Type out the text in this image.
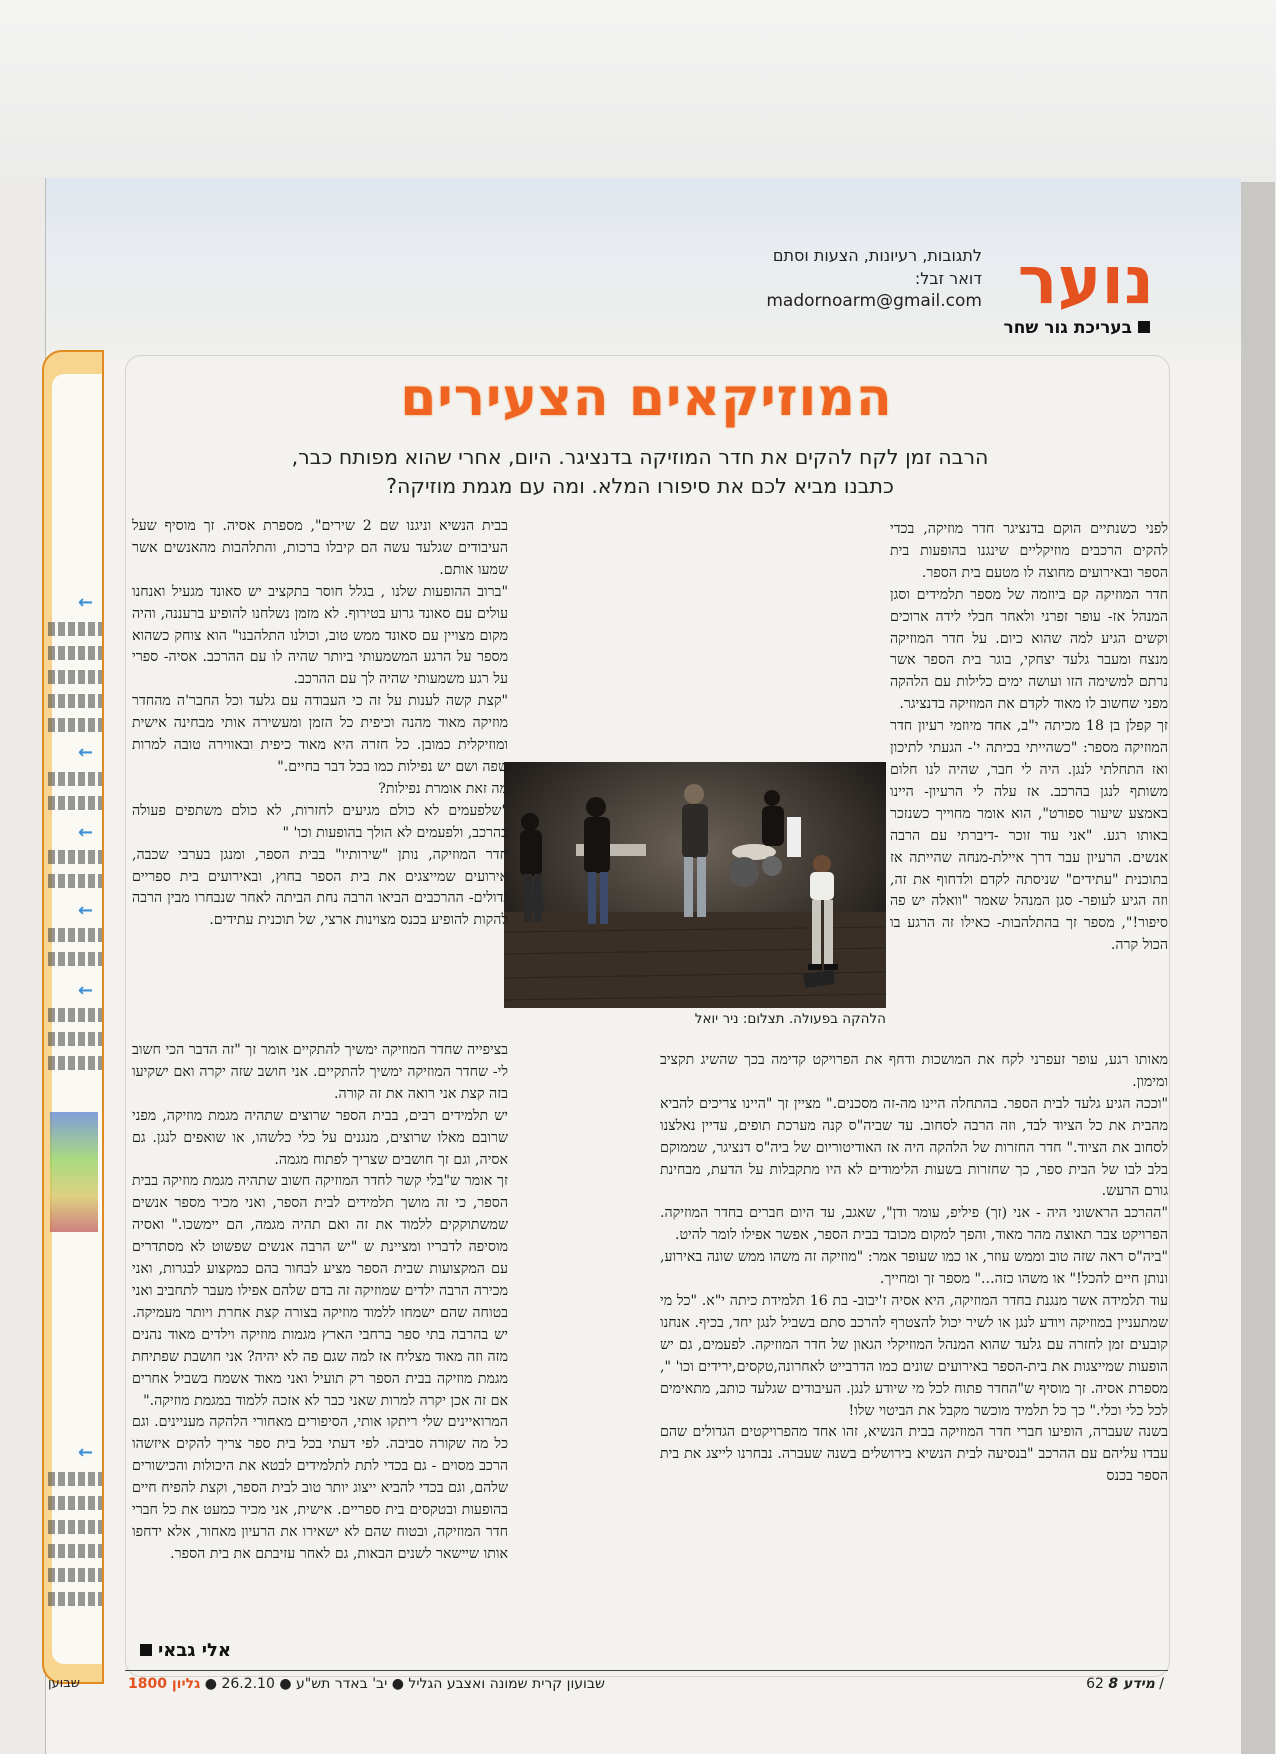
←
←
←
←
←
←
נוער
בעריכת גור שחר
לתגובות, רעיונות, הצעות וסתם
דואר זבל:
madornoarm@gmail.com
המוזיקאים הצעירים
הרבה זמן לקח להקים את חדר המוזיקה בדנציגר. היום, אחרי שהוא מפותח כבר,
כתבנו מביא לכם את סיפורו המלא. ומה עם מגמת מוזיקה?

לפני כשנתיים הוקם בדנציגר חדר מוזיקה, בכדי להקים הרכבים מוזיקליים שינגנו בהופעות בית הספר ובאירועים מחוצה לו מטעם בית הספר.

חדר המוזיקה קם ביוזמה של מספר תלמידים וסגן המנהל אז- עופר זפרני ולאחר חבלי לידה ארוכים וקשים הגיע למה שהוא כיום. על חדר המוזיקה מנצח ומעבר גלעד יצחקי, בוגר בית הספר אשר נרתם למשימה הזו ועושה ימים כלילות עם הלהקה מפני שחשוב לו מאוד לקדם את המוזיקה בדנציגר.

זך קפלן בן 18 מכיתה י"ב, אחד מיוזמי רעיון חדר המוזיקה מספר: "כשהייתי בכיתה י'- הגעתי לתיכון ואז התחלתי לנגן. היה לי חבר, שהיה לנו חלום משותף לנגן בהרכב. אז עלה לי הרעיון- היינו באמצע שיעור ספורט", הוא אומר מחוייך כשנזכר באותו רגע. "אני עוד זוכר -דיברתי עם הרבה אנשים. הרעיון עבר דרך איילת-מנחה שהייתה אז בתוכנית "עתידים" שניסתה לקדם ולדחוף את זה, וזה הגיע לעופר- סגן המנהל שאמר "וואלה יש פה סיפור!", מספר זך בהתלהבות- כאילו זה הרגע בו הכול קרה.

הלהקה בפעולה. תצלום: ניר יואל

מאותו רגע, עופר זעפרני לקח את המושכות ודחף את הפרויקט קדימה בכך שהשיג תקציב ומימון.

"וככה הגיע גלעד לבית הספר. בהתחלה היינו מה-זה מסכנים." מציין זך "היינו צריכים להביא מהבית את כל הציוד לבד, וזה הרבה לסחוב. עד שביה"ס קנה מערכת תופים, עדיין נאלצנו לסחוב את הציוד." חדר החזרות של הלהקה היה אז האודיטוריום של ביה"ס דנציגר, שממוקם בלב לבו של הבית ספר, כך שחזרות בשעות הלימודים לא היו מתקבלות על הדעת, מבחינת גורם הרעש.

"ההרכב הראשוני היה - אני (זך) פיליפ, עומר ודן", שאגב, עד היום חברים בחדר המוזיקה. הפרויקט צבר תאוצה מהר מאוד, והפך למקום מכובד בבית הספר, אפשר אפילו לומר להיט.

"ביה"ס ראה שזה טוב וממש עוזר, או כמו שעופר אמר: "מוזיקה זה משהו ממש שונה באירוע, ונותן חיים להכל!" או משהו כזה..." מספר זך ומחייך.

עוד תלמידה אשר מנגנת בחדר המוזיקה, היא אסיה ז'יבוב- בת 16 תלמידת כיתה י"א. "כל מי שמתעניין במוזיקה ויודע לנגן או לשיר יכול להצטרף להרכב סתם בשביל לנגן יחד, בכיף. אנחנו קובעים זמן לחזרה עם גלעד שהוא המנהל המוזיקלי הגאון של חדר המוזיקה. לפעמים, גם יש הופעות שמייצגות את בית-הספר באירועים שונים כמו הדרבייט לאחרונה,טקסים,ירידים וכו' ", מספרת אסיה. זך מוסיף ש"החדר פתוח לכל מי שיודע לנגן. העיבודים שגלעד כותב, מתאימים לכל כלי וכלי." כך כל תלמיד מוכשר מקבל את הביטוי שלו!

בשנה שעברה, הופיעו חברי חדר המוזיקה בבית הנשיא, זהו אחד מהפרויקטים הגדולים שהם עבדו עליהם עם ההרכב "בנסיעה לבית הנשיא בירושלים בשנה שעברה. נבחרנו לייצג את בית הספר בכנס

בבית הנשיא וניגנו שם 2 שירים", מספרת אסיה. זך מוסיף שעל העיבודים שגלעד עשה הם קיבלו ברכות, והתלהבות מהאנשים אשר שמעו אותם.

"ברוב ההופעות שלנו , בגלל חוסר בתקציב יש סאונד מגעיל ואנחנו עולים עם סאונד גרוע בטירוף. לא מזמן נשלחנו להופיע ברעננה, והיה מקום מצויין עם סאונד ממש טוב, וכולנו התלהבנו" הוא צוחק כשהוא מספר על הרגע המשמעותי ביותר שהיה לו עם ההרכב. אסיה- ספרי על רגע משמעותי שהיה לך עם ההרכב.

"קצת קשה לענות על זה כי העבודה עם גלעד וכל החבר'ה מהחדר מוזיקה מאוד מהנה וכיפית כל הזמן ומעשירה אותי מבחינה אישית ומוזיקלית כמובן. כל חזרה היא מאוד כיפית ובאווירה טובה למרות שפה ושם יש נפילות כמו בכל דבר בחיים."

מה זאת אומרת נפילות?

"שלפעמים לא כולם מגיעים לחזרות, לא כולם משתפים פעולה בהרכב, ולפעמים לא הולך בהופעות וכו' "

חדר המוזיקה, נותן "שירותיו" בבית הספר, ומנגן בערבי שכבה, אירועים שמייצגים את בית הספר בחוץ, ובאירועים בית ספריים גדולים- ההרכבים הביאו הרבה נחת הביתה לאחר שנבחרו מבין הרבה להקות להופיע בכנס מצוינות ארצי, של תוכנית עתידים.

בציפייה שחדר המוזיקה ימשיך להתקיים אומר זך "זה הדבר הכי חשוב לי- שחדר המוזיקה ימשיך להתקיים. אני חושב שזה יקרה ואם ישקיעו בזה קצת אני רואה את זה קורה.

יש תלמידים רבים, בבית הספר שרוצים שתהיה מגמת מוזיקה, מפני שרובם מאלו שרוצים, מנגנים על כלי כלשהו, או שואפים לנגן. גם אסיה, וגם זך חושבים שצריך לפתוח מגמה.

זך אומר ש"בלי קשר לחדר המוזיקה חשוב שתהיה מגמת מוזיקה בבית הספר, כי זה מושך תלמידים לבית הספר, ואני מכיר מספר אנשים שמשתוקקים ללמוד את זה ואם תהיה מגמה, הם יימשכו." ואסיה מוסיפה לדבריו ומציינת ש "יש הרבה אנשים שפשוט לא מסתדרים עם המקצועות שבית הספר מציע לבחור בהם כמקצוע לבגרות, ואני מכירה הרבה ילדים שמוזיקה זה בדם שלהם אפילו מעבר לתחביב ואני בטוחה שהם ישמחו ללמוד מוזיקה בצורה קצת אחרת ויותר מעמיקה. יש בהרבה בתי ספר ברחבי הארץ מגמות מוזיקה וילדים מאוד נהנים מזה וזה מאוד מצליח אז למה שגם פה לא יהיה? אני חושבת שפתיחת מגמת מוזיקה בבית הספר רק תועיל ואני מאוד אשמח בשביל אחרים אם זה אכן יקרה למרות שאני כבר לא אזכה ללמוד במגמת מוזיקה."

המרואיינים שלי ריתקו אותי, הסיפורים מאחורי הלהקה מעניינים. וגם כל מה שקורה סביבה. לפי דעתי בכל בית ספר צריך להקים איזשהו הרכב מסוים - גם בכדי לתת לתלמידים לבטא את היכולות והכישורים שלהם, וגם בכדי להביא ייצוג יותר טוב לבית הספר, וקצת להפיח חיים בהופעות ובטקסים בית ספריים. אישית, אני מכיר כמעט את כל חברי חדר המוזיקה, ובטוח שהם לא ישאירו את הרעיון מאחור, אלא ידחפו אותו שיישאר לשנים הבאות, גם לאחר עזיבתם את בית הספר.

אלי גבאי
שבועון קרית שמונה ואצבע הגליל ● יב' באדר תש"ע ● 26.2.10 ● גליון 1800	מידע 8 62 /
שבוען
